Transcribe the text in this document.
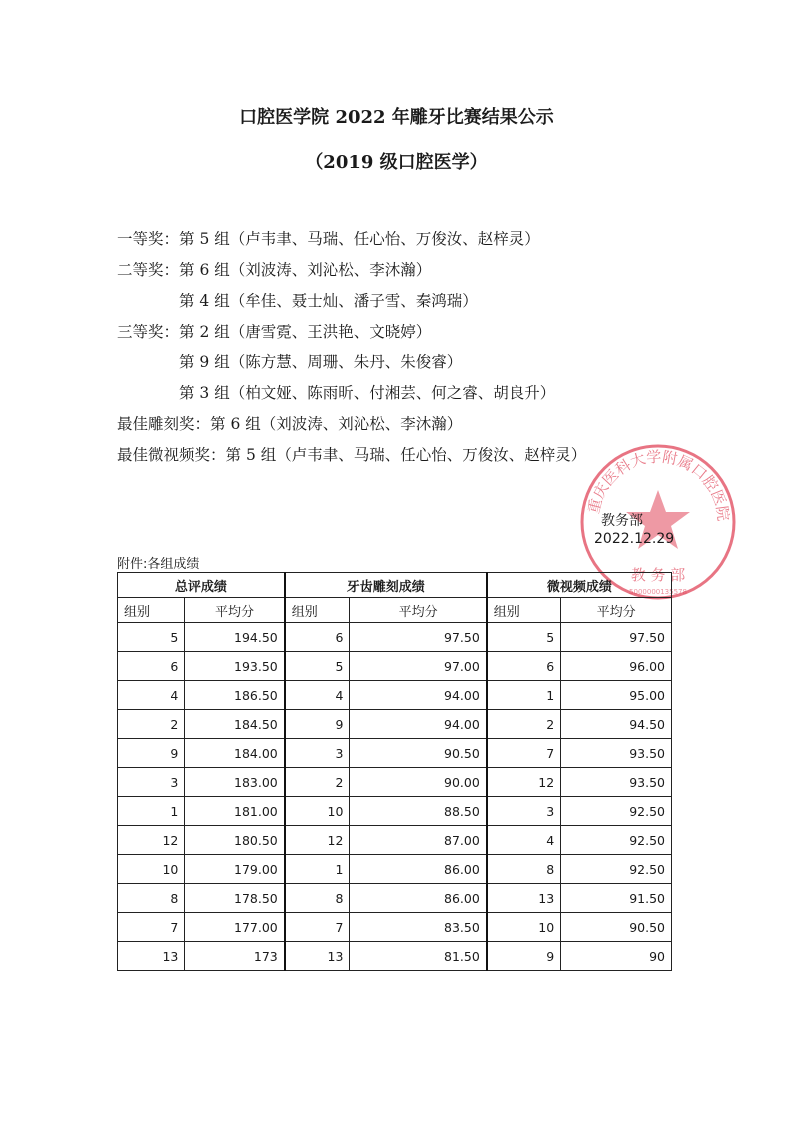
口腔医学院 2022 年雕牙比赛结果公示
（2019 级口腔医学）
一等奖：第 5 组（卢韦聿、马瑞、任心怡、万俊汝、赵梓灵）
二等奖：第 6 组（刘波涛、刘沁松、李沐瀚）
第 4 组（牟佳、聂士灿、潘子雪、秦鸿瑞）
三等奖：第 2 组（唐雪霓、王洪艳、文晓婷）
第 9 组（陈方慧、周珊、朱丹、朱俊睿）
第 3 组（柏文娅、陈雨昕、付湘芸、何之睿、胡良升）
最佳雕刻奖：第 6 组（刘波涛、刘沁松、李沐瀚）
最佳微视频奖：第 5 组（卢韦聿、马瑞、任心怡、万俊汝、赵梓灵）
重庆医科大学附属口腔医院
教 务 部
5000000135578
教务部
2022.12.29
附件:各组成绩
总评成绩		牙齿雕刻成绩		微视频成绩	
组别	平均分	组别	平均分	组别	平均分
5	194.50	6	97.50	5	97.50
6	193.50	5	97.00	6	96.00
4	186.50	4	94.00	1	95.00
2	184.50	9	94.00	2	94.50
9	184.00	3	90.50	7	93.50
3	183.00	2	90.00	12	93.50
1	181.00	10	88.50	3	92.50
12	180.50	12	87.00	4	92.50
10	179.00	1	86.00	8	92.50
8	178.50	8	86.00	13	91.50
7	177.00	7	83.50	10	90.50
13	173	13	81.50	9	90
